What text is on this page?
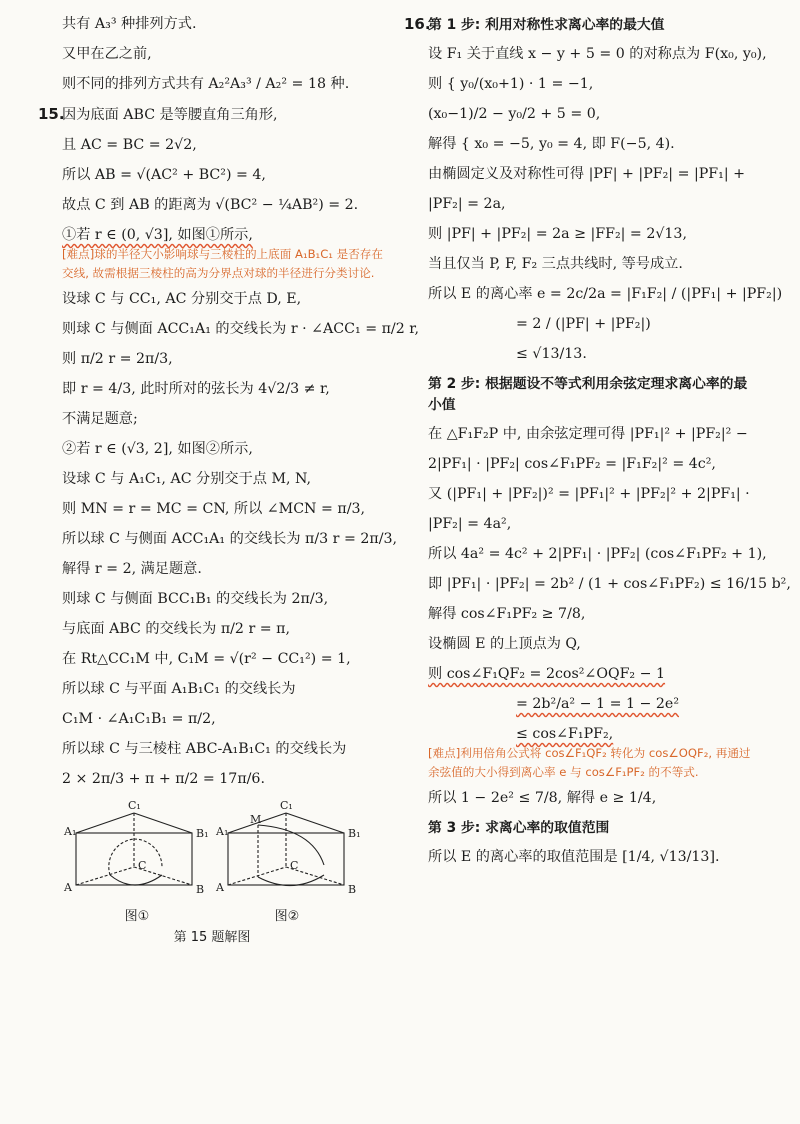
共有 A₃³ 种排列方式.
又甲在乙之前,
则不同的排列方式共有 A₂²A₃³ / A₂² = 18 种.
15.因为底面 ABC 是等腰直角三角形,
且 AC = BC = 2√2,
所以 AB = √(AC² + BC²) = 4,
故点 C 到 AB 的距离为 √(BC² − ¼AB²) = 2.
①若 r ∈ (0, √3], 如图①所示,
[难点]球的半径大小影响球与三棱柱的上底面 A₁B₁C₁ 是否存在交线, 故需根据三棱柱的高为分界点对球的半径进行分类讨论.
设球 C 与 CC₁, AC 分别交于点 D, E,
则球 C 与侧面 ACC₁A₁ 的交线长为 r · ∠ACC₁ = π/2 r,
则 π/2 r = 2π/3,
即 r = 4/3, 此时所对的弦长为 4√2/3 ≠ r,
不满足题意;
②若 r ∈ (√3, 2], 如图②所示,
设球 C 与 A₁C₁, AC 分别交于点 M, N,
则 MN = r = MC = CN, 所以 ∠MCN = π/3,
所以球 C 与侧面 ACC₁A₁ 的交线长为 π/3 r = 2π/3,
解得 r = 2, 满足题意.
则球 C 与侧面 BCC₁B₁ 的交线长为 2π/3,
与底面 ABC 的交线长为 π/2 r = π,
在 Rt△CC₁M 中, C₁M = √(r² − CC₁²) = 1,
所以球 C 与平面 A₁B₁C₁ 的交线长为
C₁M · ∠A₁C₁B₁ = π/2,
所以球 C 与三棱柱 ABC-A₁B₁C₁ 的交线长为
2 × 2π/3 + π + π/2 = 17π/6.
C₁
A₁	B₁
A	B
C
C₁
A₁
M
B₁
A	B
C
图①	图②
第 15 题解图
16.第 1 步: 利用对称性求离心率的最大值
设 F₁ 关于直线 x − y + 5 = 0 的对称点为 F(x₀, y₀),
则 { y₀/(x₀+1) · 1 = −1,
(x₀−1)/2 − y₀/2 + 5 = 0,
解得 { x₀ = −5, y₀ = 4, 即 F(−5, 4).
由椭圆定义及对称性可得 |PF| + |PF₂| = |PF₁| +
|PF₂| = 2a,
则 |PF| + |PF₂| = 2a ≥ |FF₂| = 2√13,
当且仅当 P, F, F₂ 三点共线时, 等号成立.
所以 E 的离心率 e = 2c/2a = |F₁F₂| / (|PF₁| + |PF₂|)
= 2 / (|PF| + |PF₂|)
≤ √13/13.
第 2 步: 根据题设不等式利用余弦定理求离心率的最小值
在 △F₁F₂P 中, 由余弦定理可得 |PF₁|² + |PF₂|² −
2|PF₁| · |PF₂| cos∠F₁PF₂ = |F₁F₂|² = 4c²,
又 (|PF₁| + |PF₂|)² = |PF₁|² + |PF₂|² + 2|PF₁| ·
|PF₂| = 4a²,
所以 4a² = 4c² + 2|PF₁| · |PF₂| (cos∠F₁PF₂ + 1),
即 |PF₁| · |PF₂| = 2b² / (1 + cos∠F₁PF₂) ≤ 16/15 b²,
解得 cos∠F₁PF₂ ≥ 7/8,
设椭圆 E 的上顶点为 Q,
则 cos∠F₁QF₂ = 2cos²∠OQF₂ − 1
= 2b²/a² − 1 = 1 − 2e²
≤ cos∠F₁PF₂,
[难点]利用倍角公式将 cos∠F₁QF₂ 转化为 cos∠OQF₂, 再通过余弦值的大小得到离心率 e 与 cos∠F₁PF₂ 的不等式.
所以 1 − 2e² ≤ 7/8, 解得 e ≥ 1/4,
第 3 步: 求离心率的取值范围
所以 E 的离心率的取值范围是 [1/4, √13/13].
